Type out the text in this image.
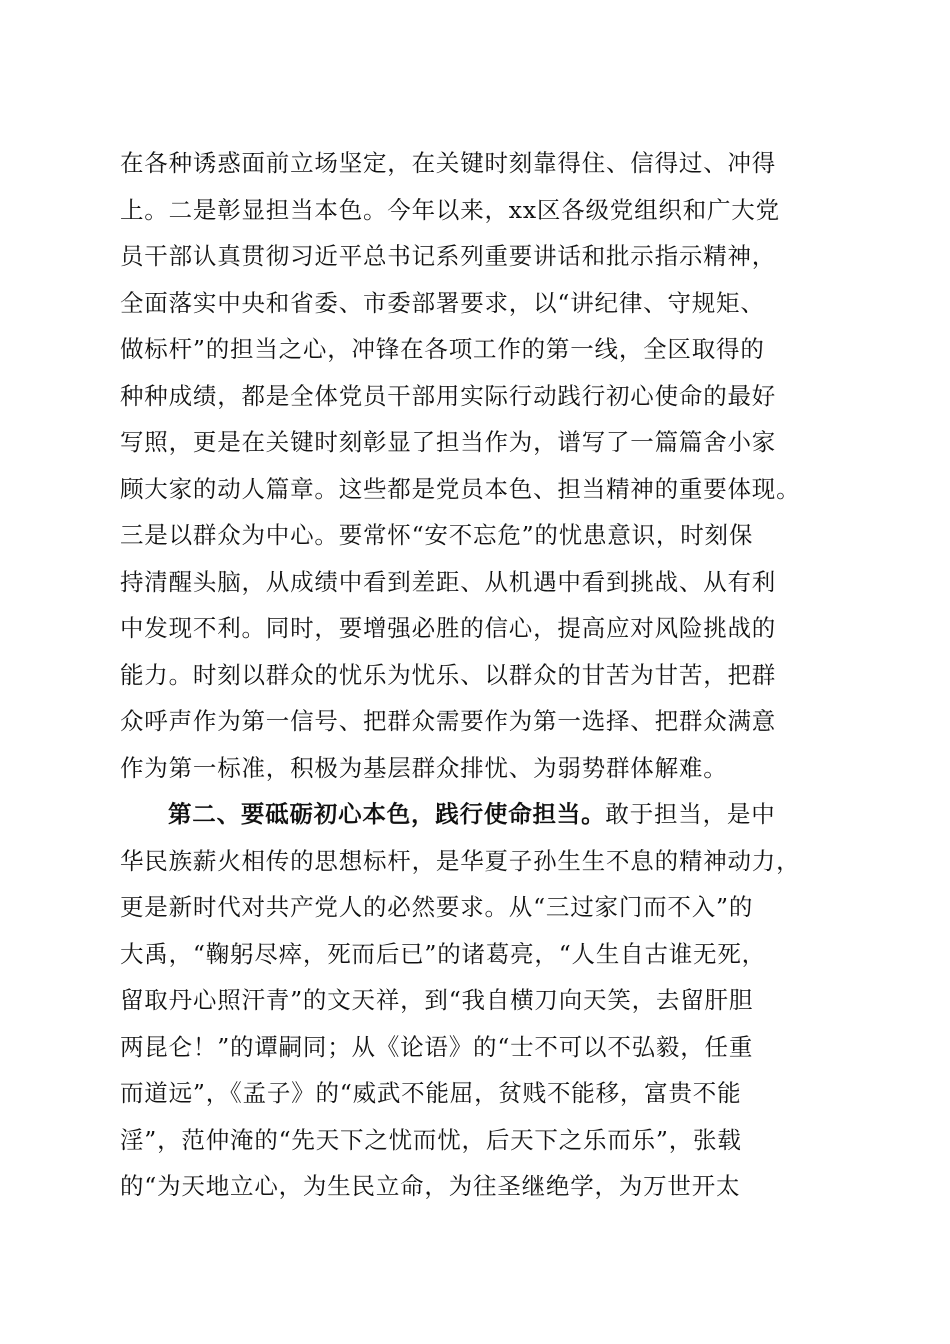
在各种诱惑面前立场坚定，在关键时刻靠得住、信得过、冲得
上。二是彰显担当本色。今年以来，xx区各级党组织和广大党
员干部认真贯彻习近平总书记系列重要讲话和批示指示精神，
全面落实中央和省委、市委部署要求，以“讲纪律、守规矩、
做标杆”的担当之心，冲锋在各项工作的第一线，全区取得的
种种成绩，都是全体党员干部用实际行动践行初心使命的最好
写照，更是在关键时刻彰显了担当作为，谱写了一篇篇舍小家
顾大家的动人篇章。这些都是党员本色、担当精神的重要体现。
三是以群众为中心。要常怀“安不忘危”的忧患意识，时刻保
持清醒头脑，从成绩中看到差距、从机遇中看到挑战、从有利
中发现不利。同时，要增强必胜的信心，提高应对风险挑战的
能力。时刻以群众的忧乐为忧乐、以群众的甘苦为甘苦，把群
众呼声作为第一信号、把群众需要作为第一选择、把群众满意
作为第一标准，积极为基层群众排忧、为弱势群体解难。
第二、要砥砺初心本色，践行使命担当。敢于担当，是中
华民族薪火相传的思想标杆，是华夏子孙生生不息的精神动力，
更是新时代对共产党人的必然要求。从“三过家门而不入”的
大禹，“鞠躬尽瘁，死而后已”的诸葛亮，“人生自古谁无死，
留取丹心照汗青”的文天祥，到“我自横刀向天笑，去留肝胆
两昆仑！”的谭嗣同；从《论语》的“士不可以不弘毅，任重
而道远”，《孟子》的“威武不能屈，贫贱不能移，富贵不能
淫”，范仲淹的“先天下之忧而忧，后天下之乐而乐”，张载
的“为天地立心，为生民立命，为往圣继绝学，为万世开太
